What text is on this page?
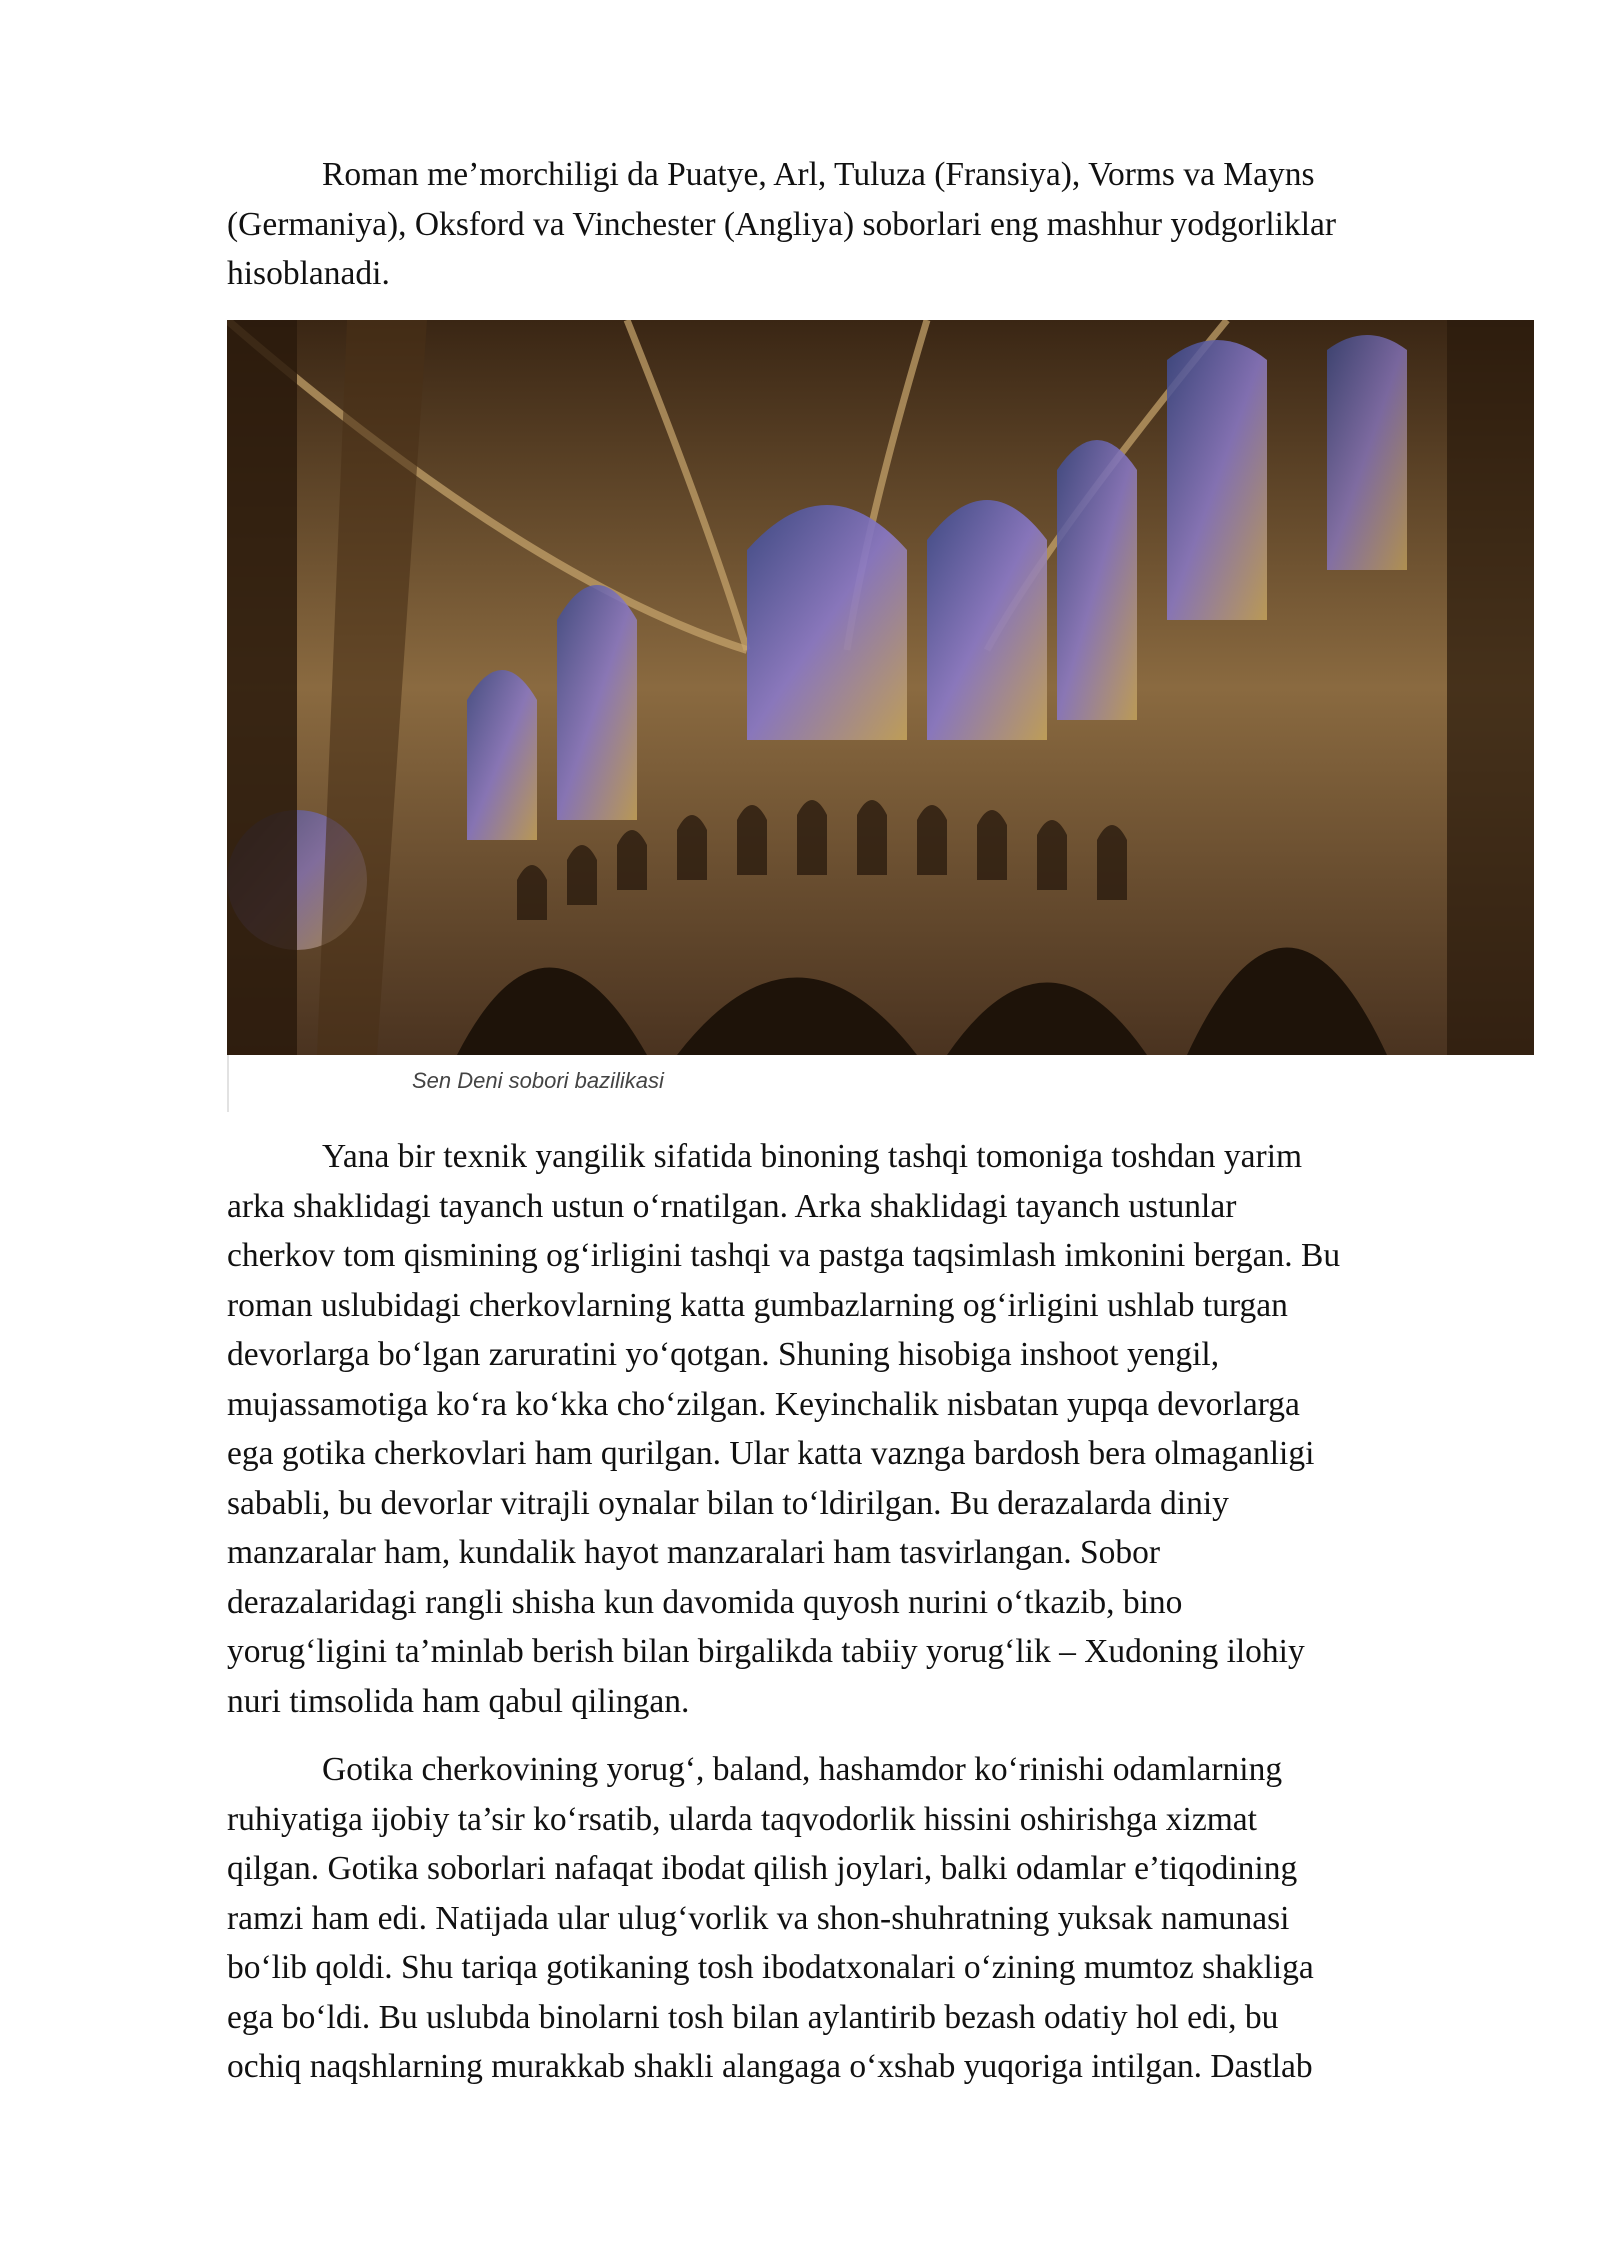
Roman me’morchiligi da Puatye, Arl, Tuluza (Fransiya), Vorms va Mayns
(Germaniya), Oksford va Vinchester (Angliya) soborlari eng mashhur yodgorliklar
hisoblanadi.
Sen Deni sobori bazilikasi
Yana bir texnik yangilik sifatida binoning tashqi tomoniga toshdan yarim
arka shaklidagi tayanch ustun o‘rnatilgan. Arka shaklidagi tayanch ustunlar
cherkov tom qismining og‘irligini tashqi va pastga taqsimlash imkonini bergan. Bu
roman uslubidagi cherkovlarning katta gumbazlarning og‘irligini ushlab turgan
devorlarga bo‘lgan zaruratini yo‘qotgan. Shuning hisobiga inshoot yengil,
mujassamotiga ko‘ra ko‘kka cho‘zilgan. Keyinchalik nisbatan yupqa devorlarga
ega gotika cherkovlari ham qurilgan. Ular katta vaznga bardosh bera olmaganligi
sababli, bu devorlar vitrajli oynalar bilan to‘ldirilgan. Bu derazalarda diniy
manzaralar ham, kundalik hayot manzaralari ham tasvirlangan. Sobor
derazalaridagi rangli shisha kun davomida quyosh nurini o‘tkazib, bino
yorug‘ligini ta’minlab berish bilan birgalikda tabiiy yorug‘lik – Xudoning ilohiy
nuri timsolida ham qabul qilingan.
Gotika cherkovining yorug‘, baland, hashamdor ko‘rinishi odamlarning
ruhiyatiga ijobiy ta’sir ko‘rsatib, ularda taqvodorlik hissini oshirishga xizmat
qilgan. Gotika soborlari nafaqat ibodat qilish joylari, balki odamlar e’tiqodining
ramzi ham edi. Natijada ular ulug‘vorlik va shon-shuhratning yuksak namunasi
bo‘lib qoldi. Shu tariqa gotikaning tosh ibodatxonalari o‘zining mumtoz shakliga
ega bo‘ldi. Bu uslubda binolarni tosh bilan aylantirib bezash odatiy hol edi, bu
ochiq naqshlarning murakkab shakli alangaga o‘xshab yuqoriga intilgan. Dastlab
